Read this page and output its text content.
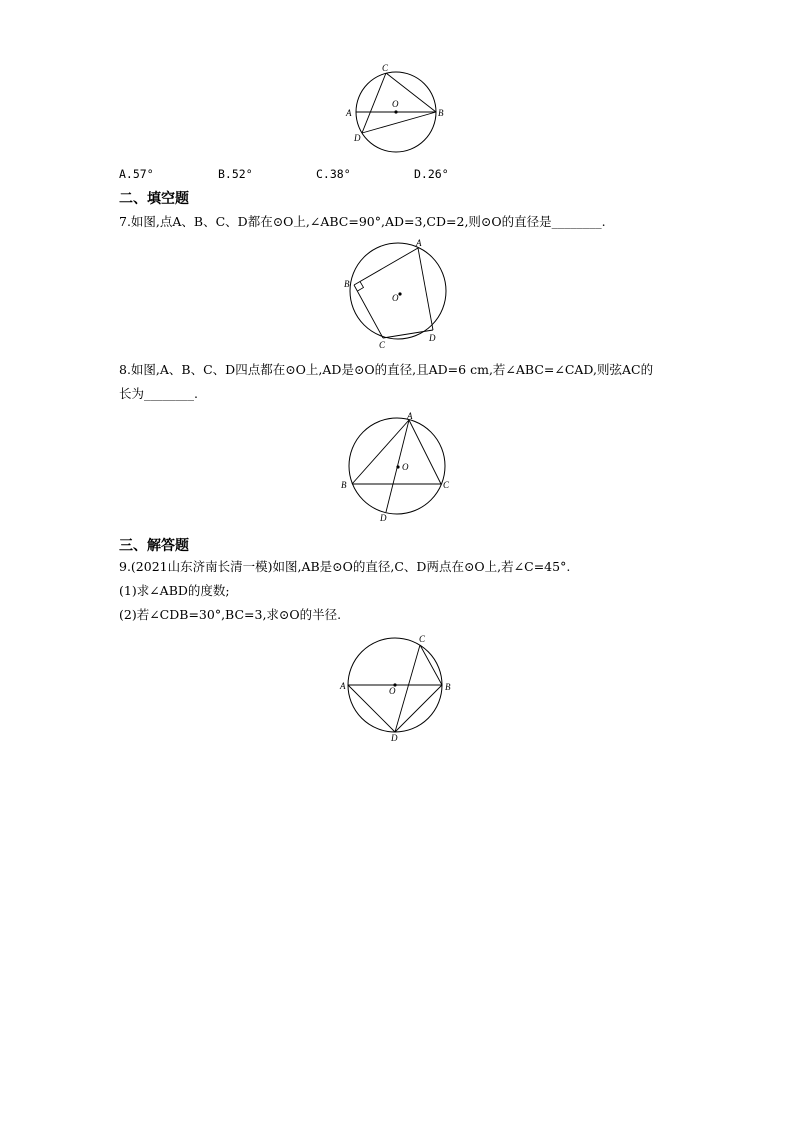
A	B
C
D
O
A.57°	B.52°	C.38°	D.26°
二、填空题
7.如图,点A、B、C、D都在⊙O上,∠ABC=90°,AD=3,CD=2,则⊙O的直径是________.
A
B
C
D
O
8.如图,A、B、C、D四点都在⊙O上,AD是⊙O的直径,且AD=6 cm,若∠ABC=∠CAD,则弦AC的
长为________.
A
B	C
D
O
三、解答题
9.(2021山东济南长清一模)如图,AB是⊙O的直径,C、D两点在⊙O上,若∠C=45°.
(1)求∠ABD的度数;
(2)若∠CDB=30°,BC=3,求⊙O的半径.
A	B
C
D
O
